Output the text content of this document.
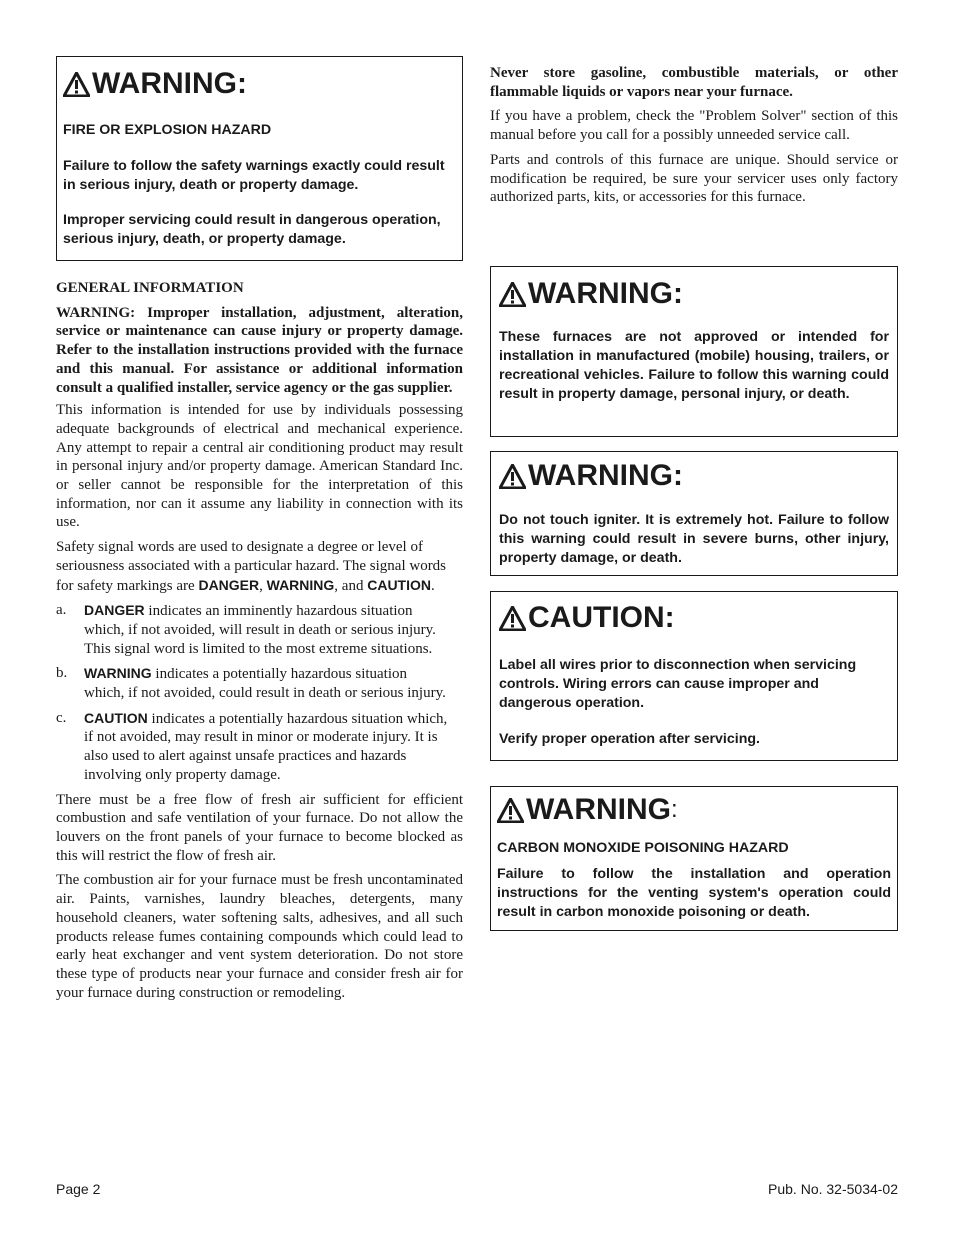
WARNING:

FIRE OR EXPLOSION HAZARD

Failure to follow the safety warnings exactly could result in serious injury, death or property damage.

Improper servicing could result in dangerous operation, serious injury, death, or property damage.

GENERAL INFORMATION

WARNING: Improper installation, adjustment, alteration, service or maintenance can cause injury or property damage. Refer to the installation instructions provided with the furnace and this manual. For assistance or additional information consult a qualified installer, service agency or the gas supplier.

This information is intended for use by individuals possessing adequate backgrounds of electrical and mechanical experience. Any attempt to repair a central air conditioning product may result in personal injury and/or property damage. American Standard Inc. or seller cannot be responsible for the interpretation of this information, nor can it assume any liability in connection with its use.

Safety signal words are used to designate a degree or level of seriousness associated with a particular hazard. The signal words for safety markings are DANGER, WARNING, and CAUTION.

a.	DANGER indicates an imminently hazardous situation which, if not avoided, will result in death or serious injury. This signal word is limited to the most extreme situations.
b.	WARNING indicates a potentially hazardous situation which, if not avoided, could result in death or serious injury.
c.	CAUTION indicates a potentially hazardous situation which, if not avoided, may result in minor or moderate injury. It is also used to alert against unsafe practices and hazards involving only property damage.

There must be a free flow of fresh air sufficient for efficient combustion and safe ventilation of your furnace. Do not allow the louvers on the front panels of your furnace to become blocked as this will restrict the flow of fresh air.

The combustion air for your furnace must be fresh uncontaminated air. Paints, varnishes, laundry bleaches, detergents, many household cleaners, water softening salts, adhesives, and all such products release fumes containing compounds which could lead to early heat exchanger and vent system deterioration. Do not store these type of products near your furnace and consider fresh air for your furnace during construction or remodeling.

Never store gasoline, combustible materials, or other flammable liquids or vapors near your furnace.

If you have a problem, check the "Problem Solver" section of this manual before you call for a possibly unneeded service call.

Parts and controls of this furnace are unique. Should service or modification be required, be sure your servicer uses only factory authorized parts, kits, or accessories for this furnace.

WARNING:

These furnaces are not approved or intended for installation in manufactured (mobile) housing, trailers, or recreational vehicles. Failure to follow this warning could result in property damage, personal injury, or death.

WARNING:

Do not touch igniter. It is extremely hot. Failure to follow this warning could result in severe burns, other injury, property damage, or death.

CAUTION:

Label all wires prior to disconnection when servicing controls. Wiring errors can cause improper and dangerous operation.

Verify proper operation after servicing.

WARNING :

CARBON MONOXIDE POISONING HAZARD

Failure to follow the installation and operation instructions for the venting system's operation could result in carbon monoxide poisoning or death.

Page 2	Pub. No. 32-5034-02
